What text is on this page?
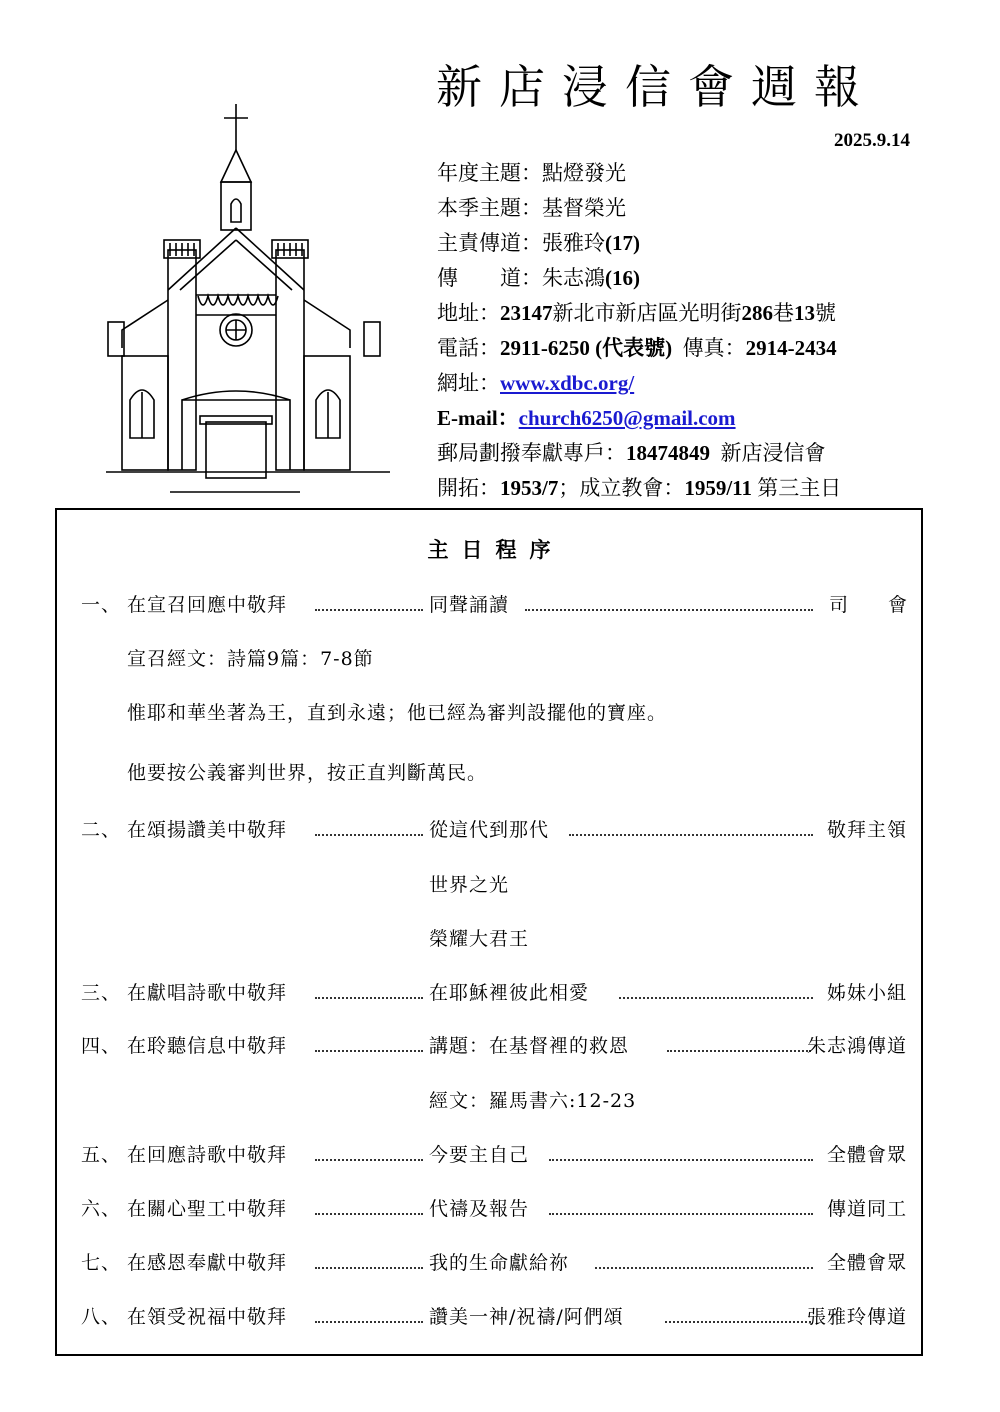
新店浸信會週報
2025.9.14
年度主題：點燈發光
本季主題：基督榮光
主責傳道：張雅玲(17)
傳　　道：朱志鴻(16)
地址：23147新北市新店區光明街286巷13號
電話：2911-6250 (代表號) 傳真：2914-2434
網址：www.xdbc.org/
E-mail：church6250@gmail.com
郵局劃撥奉獻專戶：18474849 新店浸信會
開拓：1953/7；成立教會：1959/11 第三主日
主日程序
一、 在宣召回應中敬拜	同聲誦讀	司會
宣召經文：詩篇9篇：7-8節
惟耶和華坐著為王，直到永遠；他已經為審判設擺他的寶座。
他要按公義審判世界，按正直判斷萬民。
二、 在頌揚讚美中敬拜	從這代到那代	敬拜主領
世界之光
榮耀大君王
三、 在獻唱詩歌中敬拜	在耶穌裡彼此相愛	姊妹小組
四、 在聆聽信息中敬拜	講題：在基督裡的救恩	朱志鴻傳道
經文：羅馬書六:12-23
五、 在回應詩歌中敬拜	今要主自己	全體會眾
六、 在關心聖工中敬拜	代禱及報告	傳道同工
七、 在感恩奉獻中敬拜	我的生命獻給祢	全體會眾
八、 在領受祝福中敬拜	讚美一神/祝禱/阿們頌	張雅玲傳道
